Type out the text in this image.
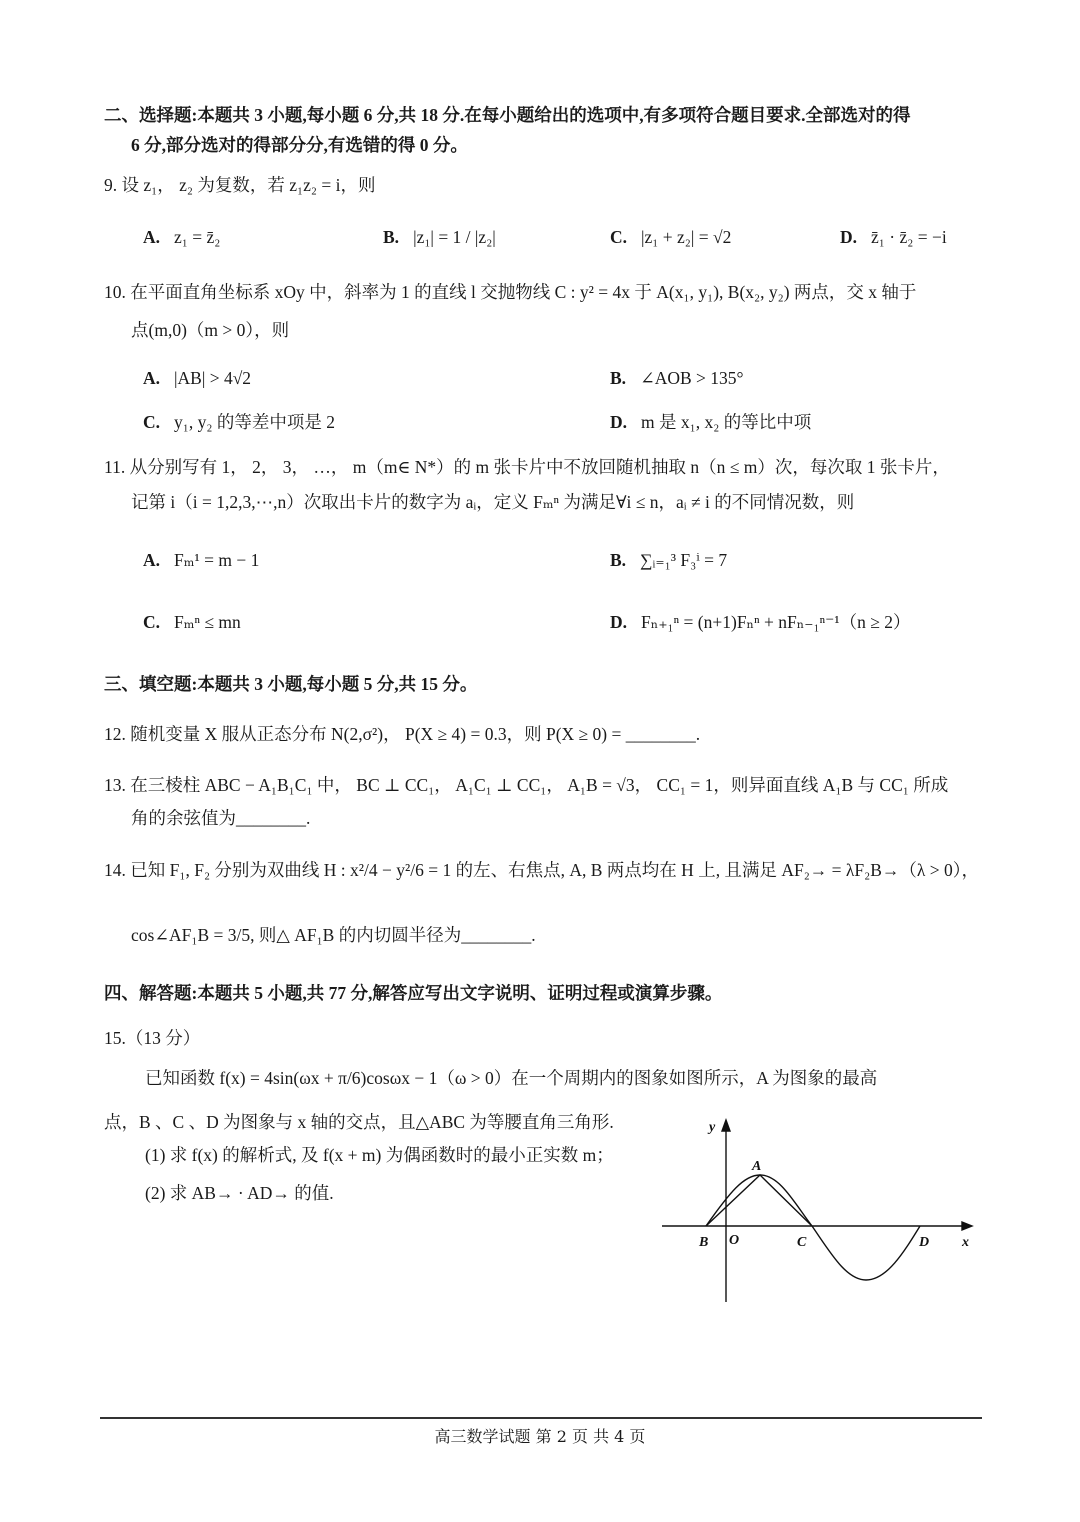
二、选择题:本题共 3 小题,每小题 6 分,共 18 分.在每小题给出的选项中,有多项符合题目要求.全部选对的得
6 分,部分选对的得部分分,有选错的得 0 分。
9. 设 z₁， z₂ 为复数，若 z₁z₂ = i，则
A. z₁ = z̄₂	B. |z₁| = 1 / |z₂|	C. |z₁ + z₂| = √2	D. z̄₁ · z̄₂ = −i
10. 在平面直角坐标系 xOy 中，斜率为 1 的直线 l 交抛物线 C : y² = 4x 于 A(x₁, y₁), B(x₂, y₂) 两点，交 x 轴于
点(m,0)（m > 0），则
A. |AB| > 4√2	B. ∠AOB > 135°
C. y₁, y₂ 的等差中项是 2	D. m 是 x₁, x₂ 的等比中项
11. 从分别写有 1， 2， 3， …， m（m∈ N*）的 m 张卡片中不放回随机抽取 n（n ≤ m）次，每次取 1 张卡片，
记第 i（i = 1,2,3,⋯,n）次取出卡片的数字为 aᵢ，定义 Fₘⁿ 为满足∀i ≤ n，aᵢ ≠ i 的不同情况数，则
A. Fₘ¹ = m − 1	B. ∑ᵢ₌₁³ F₃ⁱ = 7
C. Fₘⁿ ≤ mn	D. Fₙ₊₁ⁿ = (n+1)Fₙⁿ + nFₙ₋₁ⁿ⁻¹（n ≥ 2）
三、填空题:本题共 3 小题,每小题 5 分,共 15 分。
12. 随机变量 X 服从正态分布 N(2,σ²)， P(X ≥ 4) = 0.3，则 P(X ≥ 0) = ________.
13. 在三棱柱 ABC − A₁B₁C₁ 中， BC ⊥ CC₁， A₁C₁ ⊥ CC₁， A₁B = √3， CC₁ = 1，则异面直线 A₁B 与 CC₁ 所成
角的余弦值为________.
14. 已知 F₁, F₂ 分别为双曲线 H : x²/4 − y²/6 = 1 的左、右焦点, A, B 两点均在 H 上, 且满足 AF₂→ = λF₂B→（λ > 0），
cos∠AF₁B = 3/5, 则△ AF₁B 的内切圆半径为________.
四、解答题:本题共 5 小题,共 77 分,解答应写出文字说明、证明过程或演算步骤。
15.（13 分）
已知函数 f(x) = 4sin(ωx + π/6)cosωx − 1（ω > 0）在一个周期内的图象如图所示，A 为图象的最高
点，B 、C 、D 为图象与 x 轴的交点，且△ABC 为等腰直角三角形.
(1) 求 f(x) 的解析式, 及 f(x + m) 为偶函数时的最小正实数 m；
(2) 求 AB→ · AD→ 的值.
y
A
B O	C	D x
高三数学试题 第 2 页 共 4 页
